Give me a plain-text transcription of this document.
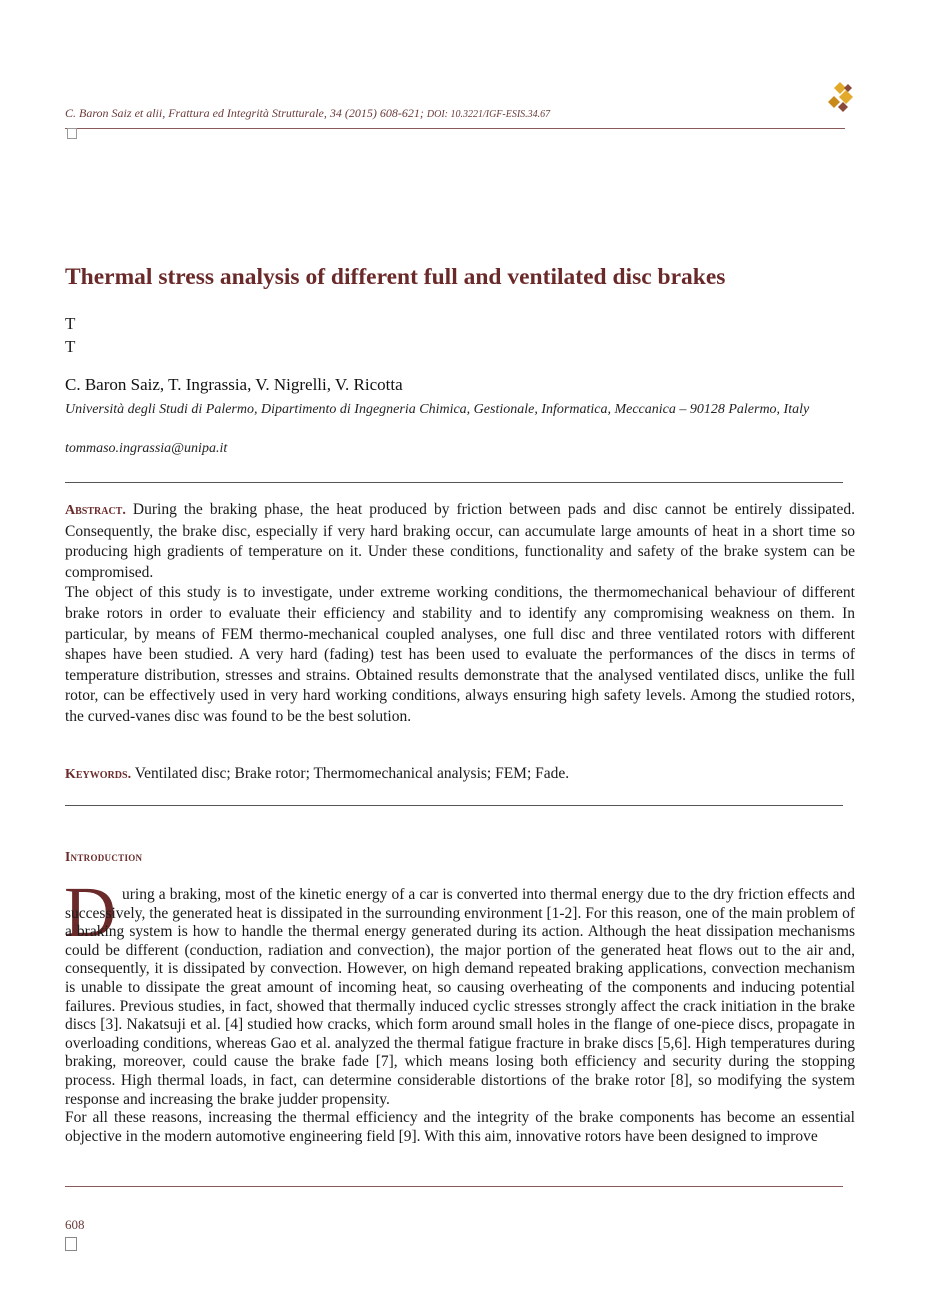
C. Baron Saiz et alii, Frattura ed Integrità Strutturale, 34 (2015) 608-621; DOI: 10.3221/IGF-ESIS.34.67
Thermal stress analysis of different full and ventilated disc brakes
T
T
C. Baron Saiz, T. Ingrassia, V. Nigrelli, V. Ricotta
Università degli Studi di Palermo, Dipartimento di Ingegneria Chimica, Gestionale, Informatica, Meccanica – 90128 Palermo, Italy
tommaso.ingrassia@unipa.it

Abstract. During the braking phase, the heat produced by friction between pads and disc cannot be entirely dissipated. Consequently, the brake disc, especially if very hard braking occur, can accumulate large amounts of heat in a short time so producing high gradients of temperature on it. Under these conditions, functionality and safety of the brake system can be compromised.

The object of this study is to investigate, under extreme working conditions, the thermomechanical behaviour of different brake rotors in order to evaluate their efficiency and stability and to identify any compromising weakness on them. In particular, by means of FEM thermo-mechanical coupled analyses, one full disc and three ventilated rotors with different shapes have been studied. A very hard (fading) test has been used to evaluate the performances of the discs in terms of temperature distribution, stresses and strains. Obtained results demonstrate that the analysed ventilated discs, unlike the full rotor, can be effectively used in very hard working conditions, always ensuring high safety levels. Among the studied rotors, the curved-vanes disc was found to be the best solution.

Keywords. Ventilated disc; Brake rotor; Thermomechanical analysis; FEM; Fade.
Introduction
D uring a braking, most of the kinetic energy of a car is converted into thermal energy due to the dry friction effects and successively, the generated heat is dissipated in the surrounding environment [1-2]. For this reason, one of the main problem of a braking system is how to handle the thermal energy generated during its action. Although the heat dissipation mechanisms could be different (conduction, radiation and convection), the major portion of the generated heat flows out to the air and, consequently, it is dissipated by convection. However, on high demand repeated braking applications, convection mechanism is unable to dissipate the great amount of incoming heat, so causing overheating of the components and inducing potential failures. Previous studies, in fact, showed that thermally induced cyclic stresses strongly affect the crack initiation in the brake discs [3]. Nakatsuji et al. [4] studied how cracks, which form around small holes in the flange of one-piece discs, propagate in overloading conditions, whereas Gao et al. analyzed the thermal fatigue fracture in brake discs [5,6]. High temperatures during braking, moreover, could cause the brake fade [7], which means losing both efficiency and security during the stopping process. High thermal loads, in fact, can determine considerable distortions of the brake rotor [8], so modifying the system response and increasing the brake judder propensity.

For all these reasons, increasing the thermal efficiency and the integrity of the brake components has become an essential objective in the modern automotive engineering field [9]. With this aim, innovative rotors have been designed to improve

608
